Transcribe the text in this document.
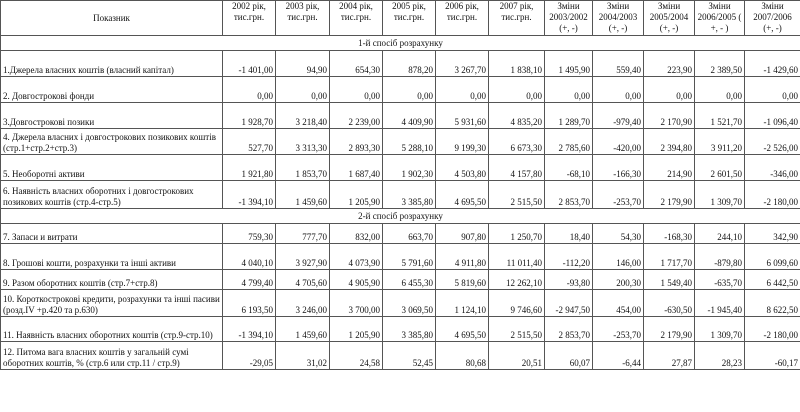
Показник	2002 рік, тис.грн.	2003 рік, тис.грн.	2004 рік, тис.грн.	2005 рік, тис.грн.	2006 рік, тис.грн.	2007 рік, тис.грн.	Зміни 2003/2002 (+, -)	Зміни 2004/2003 (+, -)	Зміни 2005/2004 (+, -)	Зміни 2006/2005 ( +, - )	Зміни 2007/2006 (+, -)
1-й спосіб розрахунку											
1.Джерела власних коштів (власний капітал)	-1 401,00	94,90	654,30	878,20	3 267,70	1 838,10	1 495,90	559,40	223,90	2 389,50	-1 429,60
2. Довгострокові фонди	0,00	0,00	0,00	0,00	0,00	0,00	0,00	0,00	0,00	0,00	0,00
3.Довгострокові позики	1 928,70	3 218,40	2 239,00	4 409,90	5 931,60	4 835,20	1 289,70	-979,40	2 170,90	1 521,70	-1 096,40
4. Джерела власних і довгострокових позикових коштів (стр.1+стр.2+стр.3)	527,70	3 313,30	2 893,30	5 288,10	9 199,30	6 673,30	2 785,60	-420,00	2 394,80	3 911,20	-2 526,00
5. Необоротні активи	1 921,80	1 853,70	1 687,40	1 902,30	4 503,80	4 157,80	-68,10	-166,30	214,90	2 601,50	-346,00
6. Наявність власних оборотних і довгострокових позикових коштів (стр.4-стр.5)	-1 394,10	1 459,60	1 205,90	3 385,80	4 695,50	2 515,50	2 853,70	-253,70	2 179,90	1 309,70	-2 180,00
2-й спосіб розрахунку											
7. Запаси и витрати	759,30	777,70	832,00	663,70	907,80	1 250,70	18,40	54,30	-168,30	244,10	342,90
8. Грошові кошти, розрахунки та інші активи	4 040,10	3 927,90	4 073,90	5 791,60	4 911,80	11 011,40	-112,20	146,00	1 717,70	-879,80	6 099,60
9. Разом оборотних коштів (стр.7+стр.8)	4 799,40	4 705,60	4 905,90	6 455,30	5 819,60	12 262,10	-93,80	200,30	1 549,40	-635,70	6 442,50
10. Короткострокові кредити, розрахунки та інші пасиви (розд.IV +р.420 та р.630)	6 193,50	3 246,00	3 700,00	3 069,50	1 124,10	9 746,60	-2 947,50	454,00	-630,50	-1 945,40	8 622,50
11. Наявність власних оборотних коштів (стр.9-стр.10)	-1 394,10	1 459,60	1 205,90	3 385,80	4 695,50	2 515,50	2 853,70	-253,70	2 179,90	1 309,70	-2 180,00
12. Питома вага власних коштів у загальній сумі оборотних коштів, % (стр.6 или стр.11 / стр.9)	-29,05	31,02	24,58	52,45	80,68	20,51	60,07	-6,44	27,87	28,23	-60,17
